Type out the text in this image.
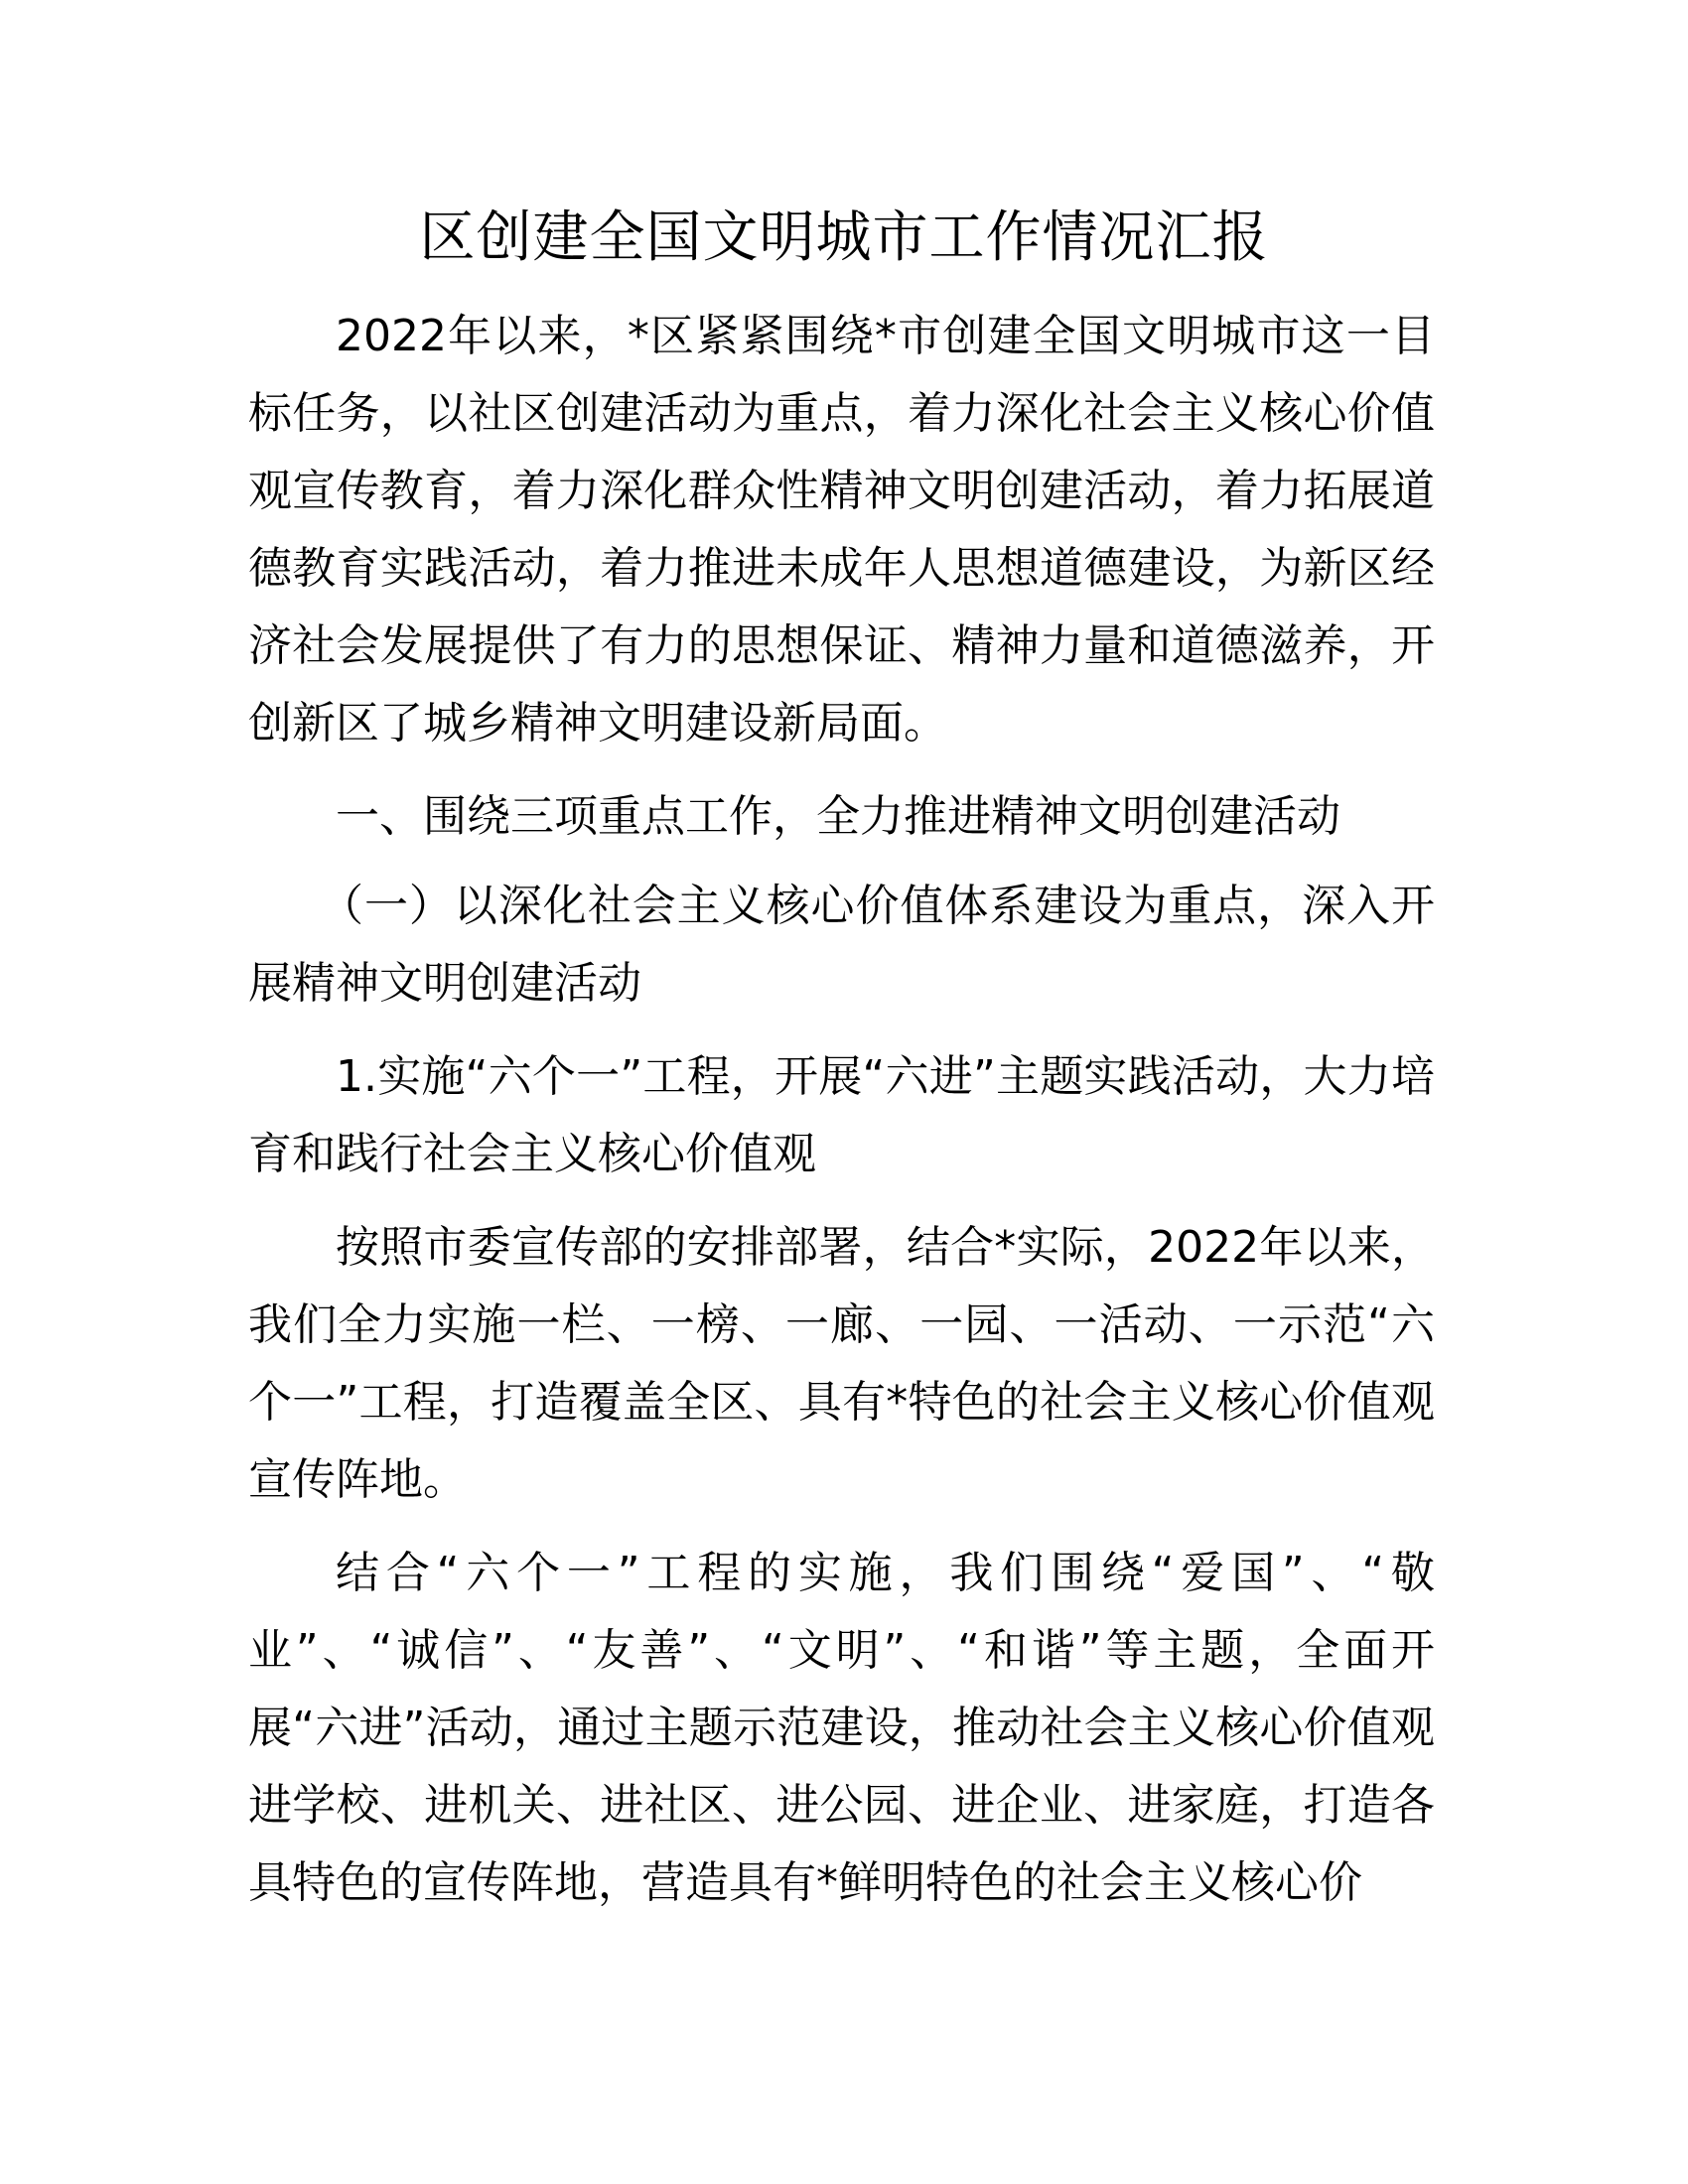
区创建全国文明城市工作情况汇报

2022年以来，*区紧紧围绕*市创建全国文明城市这一目标任务，以社区创建活动为重点，着力深化社会主义核心价值观宣传教育，着力深化群众性精神文明创建活动，着力拓展道德教育实践活动，着力推进未成年人思想道德建设，为新区经济社会发展提供了有力的思想保证、精神力量和道德滋养，开创新区了城乡精神文明建设新局面。

一、围绕三项重点工作，全力推进精神文明创建活动

（一）以深化社会主义核心价值体系建设为重点，深入开展精神文明创建活动

1.实施“六个一”工程，开展“六进”主题实践活动，大力培育和践行社会主义核心价值观

按照市委宣传部的安排部署，结合*实际，2022年以来，我们全力实施一栏、一榜、一廊、一园、一活动、一示范“六个一”工程，打造覆盖全区、具有*特色的社会主义核心价值观宣传阵地。

结合“六个一”工程的实施，我们围绕“爱国”、“敬业”、“诚信”、“友善”、“文明”、“和谐”等主题，全面开展“六进”活动，通过主题示范建设，推动社会主义核心价值观进学校、进机关、进社区、进公园、进企业、进家庭，打造各具特色的宣传阵地，营造具有*鲜明特色的社会主义核心价
